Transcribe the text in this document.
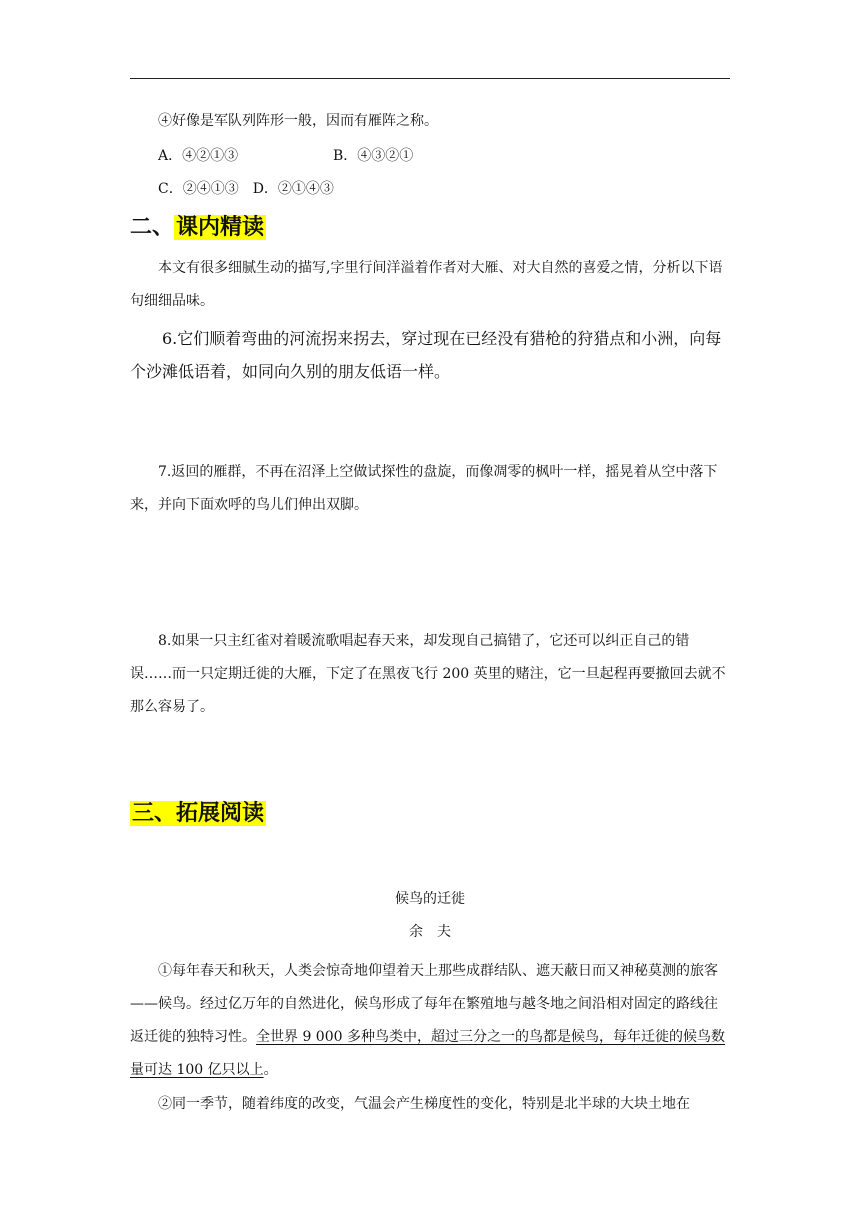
④好像是军队列阵形一般，因而有雁阵之称。
A．④②①③	B．④③②①
C．②④①③　D．②①④③
二、课内精读
本文有很多细腻生动的描写,字里行间洋溢着作者对大雁、对大自然的喜爱之情，分析以下语句细细品味。
6.它们顺着弯曲的河流拐来拐去，穿过现在已经没有猎枪的狩猎点和小洲，向每个沙滩低语着，如同向久别的朋友低语一样。
7.返回的雁群，不再在沼泽上空做试探性的盘旋，而像凋零的枫叶一样，摇晃着从空中落下来，并向下面欢呼的鸟儿们伸出双脚。
8.如果一只主红雀对着暖流歌唱起春天来，却发现自己搞错了，它还可以纠正自己的错误……而一只定期迁徙的大雁，下定了在黑夜飞行 200 英里的赌注，它一旦起程再要撤回去就不那么容易了。
三、拓展阅读
候鸟的迁徙
余　夫
①每年春天和秋天，人类会惊奇地仰望着天上那些成群结队、遮天蔽日而又神秘莫测的旅客——候鸟。经过亿万年的自然进化，候鸟形成了每年在繁殖地与越冬地之间沿相对固定的路线往返迁徙的独特习性。全世界 9 000 多种鸟类中，超过三分之一的鸟都是候鸟，每年迁徙的候鸟数量可达 100 亿只以上。
②同一季节，随着纬度的改变，气温会产生梯度性的变化，特别是北半球的大块土地在
